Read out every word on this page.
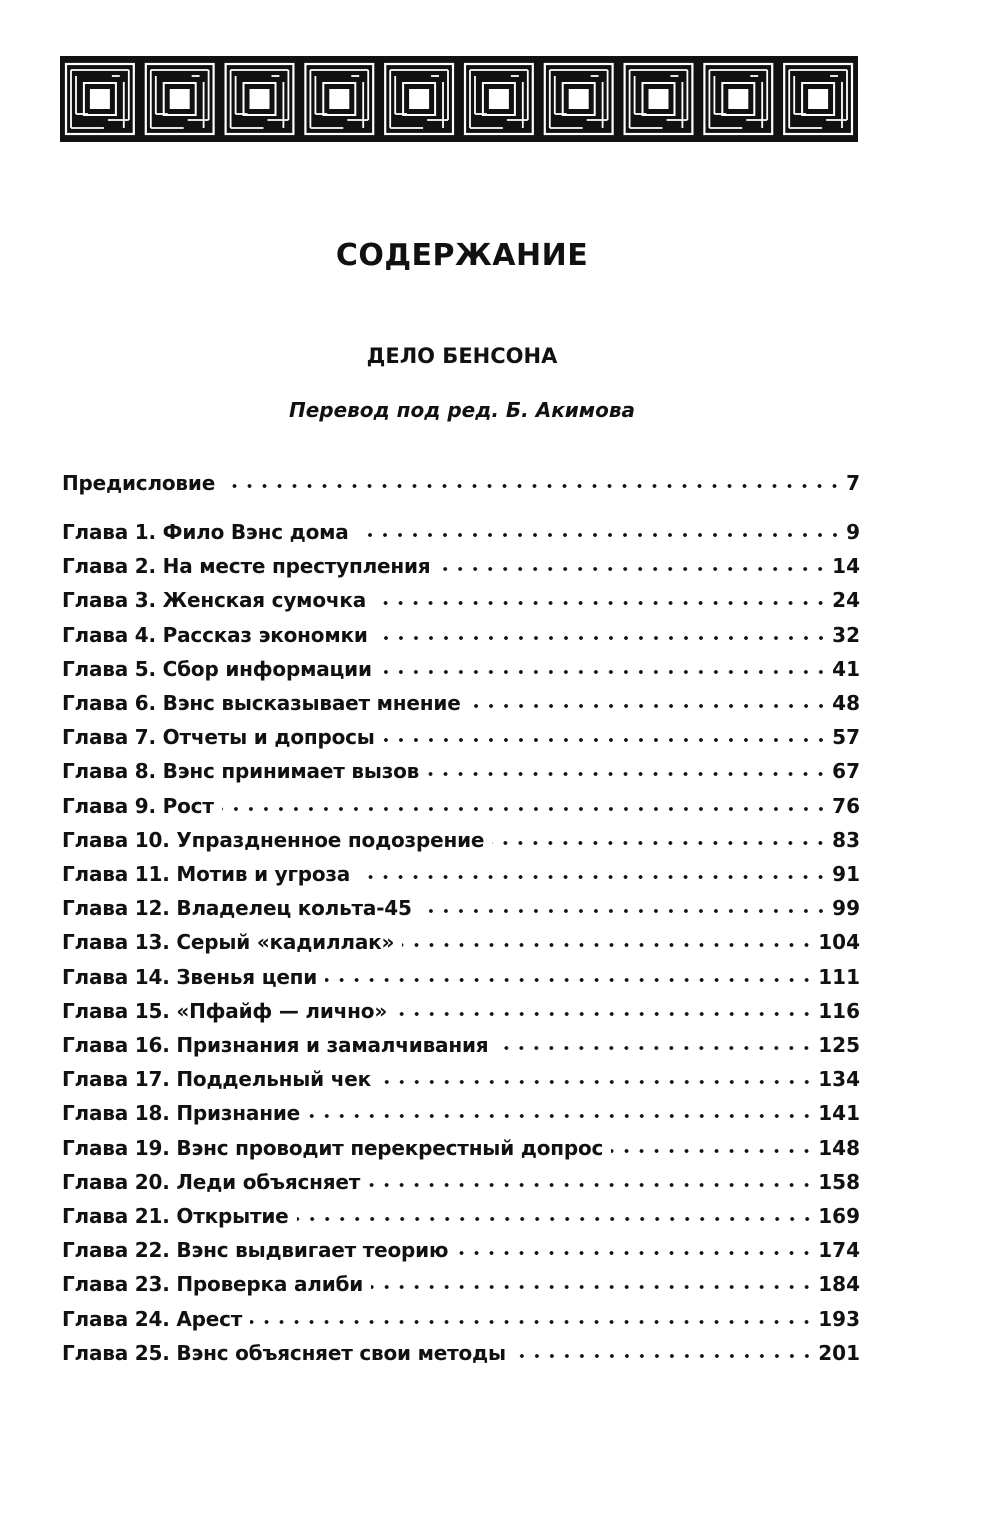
СОДЕРЖАНИЕ
ДЕЛО БЕНСОНА
Перевод под ред. Б. Акимова
Предисловие	7
Глава 1. Фило Вэнс дома	9
Глава 2. На месте преступления	14
Глава 3. Женская сумочка	24
Глава 4. Рассказ экономки	32
Глава 5. Сбор информации	41
Глава 6. Вэнс высказывает мнение	48
Глава 7. Отчеты и допросы	57
Глава 8. Вэнс принимает вызов	67
Глава 9. Рост	76
Глава 10. Упраздненное подозрение	83
Глава 11. Мотив и угроза	91
Глава 12. Владелец кольта-45	99
Глава 13. Серый «кадиллак»	104
Глава 14. Звенья цепи	111
Глава 15. «Пфайф — лично»	116
Глава 16. Признания и замалчивания	125
Глава 17. Поддельный чек	134
Глава 18. Признание	141
Глава 19. Вэнс проводит перекрестный допрос	148
Глава 20. Леди объясняет	158
Глава 21. Открытие	169
Глава 22. Вэнс выдвигает теорию	174
Глава 23. Проверка алиби	184
Глава 24. Арест	193
Глава 25. Вэнс объясняет свои методы	201
